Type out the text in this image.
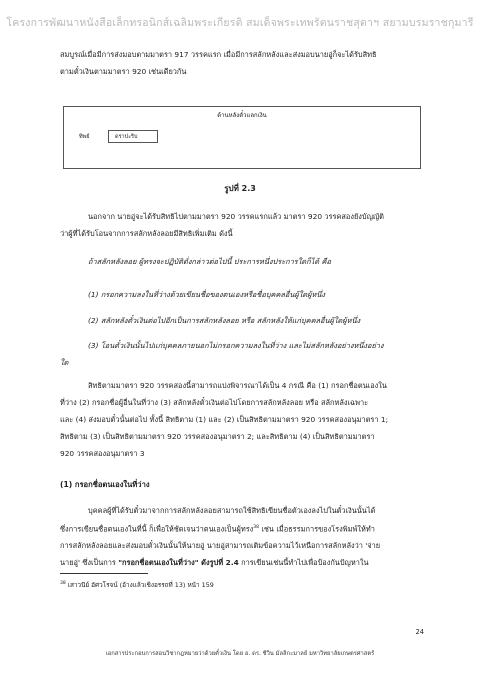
โครงการพัฒนาหนังสือเล็กทรอนิกส์เฉลิมพระเกียรติ สมเด็จพระเทพรัตนราชสุดาฯ สยามบรมราชกุมารี
สมบูรณ์เมื่อมีการส่งมอบตามมาตรา 917 วรรคแรก เมื่อมีการสลักหลังและส่งมอบนายอู่ก็จะได้รับสิทธิ
ตามตั๋วเงินตามมาตรา 920 เช่นเดียวกัน
ด้านหลังตั๋วแลกเงิน
ทิพย์	ดราปะริบ
รูปที่ 2.3
นอกจาก นายอู่จะได้รับสิทธิไปตามมาตรา 920 วรรคแรกแล้ว มาตรา 920 วรรคสองยังบัญญัติ
ว่าผู้ที่ได้รับโอนจากการสลักหลังลอยมีสิทธิเพิ่มเติม ดังนี้
ถ้าสลักหลังลอย ผู้ทรงจะปฏิบัติดั่งกล่าวต่อไปนี้ ประการหนึ่งประการใดก็ได้ คือ
(1) กรอกความลงในที่ว่างด้วยเขียนชื่อของตนเองหรือชื่อบุคคลอื่นผู้ใดผู้หนึ่ง
(2) สลักหลังตั๋วเงินต่อไปอีกเป็นการสลักหลังลอย หรือ สลักหลังให้แก่บุคคลอื่นผู้ใดผู้หนึ่ง
(3) โอนตั๋วเงินนั้นไปแก่บุคคลภายนอกไม่กรอกความลงในที่ว่าง และไม่สลักหลังอย่างหนึ่งอย่าง
ใด
สิทธิตามมาตรา 920 วรรคสองนี้สามารถแบ่งพิจารณาได้เป็น 4 กรณี คือ (1) กรอกชื่อตนเองใน
ที่ว่าง (2) กรอกชื่อผู้อื่นในที่ว่าง (3) สลักหลังตั๋วเงินต่อไปโดยการสลักหลังลอย หรือ สลักหลังเฉพาะ
และ (4) ส่งมอบตั๋วนั้นต่อไป ทั้งนี้ สิทธิตาม (1) และ (2) เป็นสิทธิตามมาตรา 920 วรรคสองอนุมาตรา 1;
สิทธิตาม (3) เป็นสิทธิตามมาตรา 920 วรรคสองอนุมาตรา 2; และสิทธิตาม (4) เป็นสิทธิตามมาตรา
920 วรรคสองอนุมาตรา 3
(1) กรอกชื่อตนเองในที่ว่าง
บุคคลผู้ที่ได้รับตั๋วมาจากการสลักหลังลอยสามารถใช้สิทธิเขียนชื่อตัวเองลงไปในตั๋วเงินนั้นได้
ซึ่งการเขียนชื่อตนเองในที่นี้ ก็เพื่อให้ชัดเจนว่าตนเองเป็นผู้ทรง$^{38}$ เช่น เมื่อธรรมการของโรงพิมพ์ให้ทำ
การสลักหลังลอยและส่งมอบตั๋วเงินนั้นให้นายอู่ นายอู่สามารถเติมข้อความไว้เหนือการสลักหลังว่า 'จ่าย
นายอู่' ซึ่งเป็นการ "กรอกชื่อตนเองในที่ว่าง" ดังรูปที่ 2.4 การเขียนเช่นนี้ทำไปเพื่อป้องกันปัญหาใน
$^{38}$ เสาวนีย์ อัศวโรจน์ (อ้างแล้วเชิงอรรถที่ 13) หน้า 159
24
เอกสารประกอบการสอนวิชากฎหมายว่าด้วยตั๋วเงิน โดย อ. ดร. ชีวิน มัลลิกะมาลย์ มหาวิทยาลัยเกษตรศาสตร์
